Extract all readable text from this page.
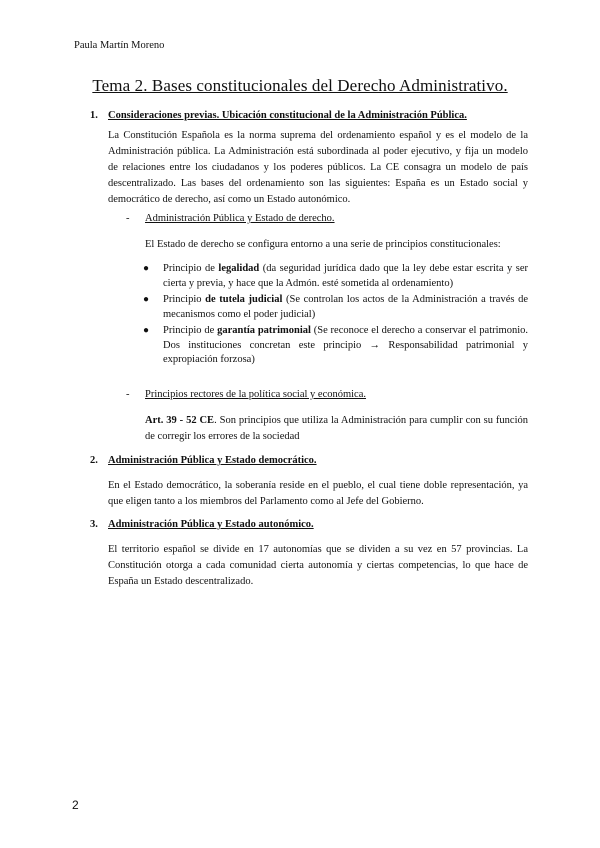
Paula Martín Moreno
Tema 2. Bases constitucionales del Derecho Administrativo.
1. Consideraciones previas. Ubicación constitucional de la Administración Pública.
La Constitución Española es la norma suprema del ordenamiento español y es el modelo de la Administración pública. La Administración está subordinada al poder ejecutivo, y fija un modelo de relaciones entre los ciudadanos y los poderes públicos. La CE consagra un modelo de país descentralizado. Las bases del ordenamiento son las siguientes: España es un Estado social y democrático de derecho, así como un Estado autonómico.
- Administración Pública y Estado de derecho.
El Estado de derecho se configura entorno a una serie de principios constitucionales:
● Principio de legalidad (da seguridad jurídica dado que la ley debe estar escrita y ser cierta y previa, y hace que la Admón. esté sometida al ordenamiento)
● Principio de tutela judicial (Se controlan los actos de la Administración a través de mecanismos como el poder judicial)
● Principio de garantía patrimonial (Se reconoce el derecho a conservar el patrimonio. Dos instituciones concretan este principio → Responsabilidad patrimonial y expropiación forzosa)
- Principios rectores de la política social y económica.
Art. 39 - 52 CE. Son principios que utiliza la Administración para cumplir con su función de corregir los errores de la sociedad
2. Administración Pública y Estado democrático.
En el Estado democrático, la soberanía reside en el pueblo, el cual tiene doble representación, ya que eligen tanto a los miembros del Parlamento como al Jefe del Gobierno.
3. Administración Pública y Estado autonómico.
El territorio español se divide en 17 autonomías que se dividen a su vez en 57 provincias. La Constitución otorga a cada comunidad cierta autonomía y ciertas competencias, lo que hace de España un Estado descentralizado.
2
